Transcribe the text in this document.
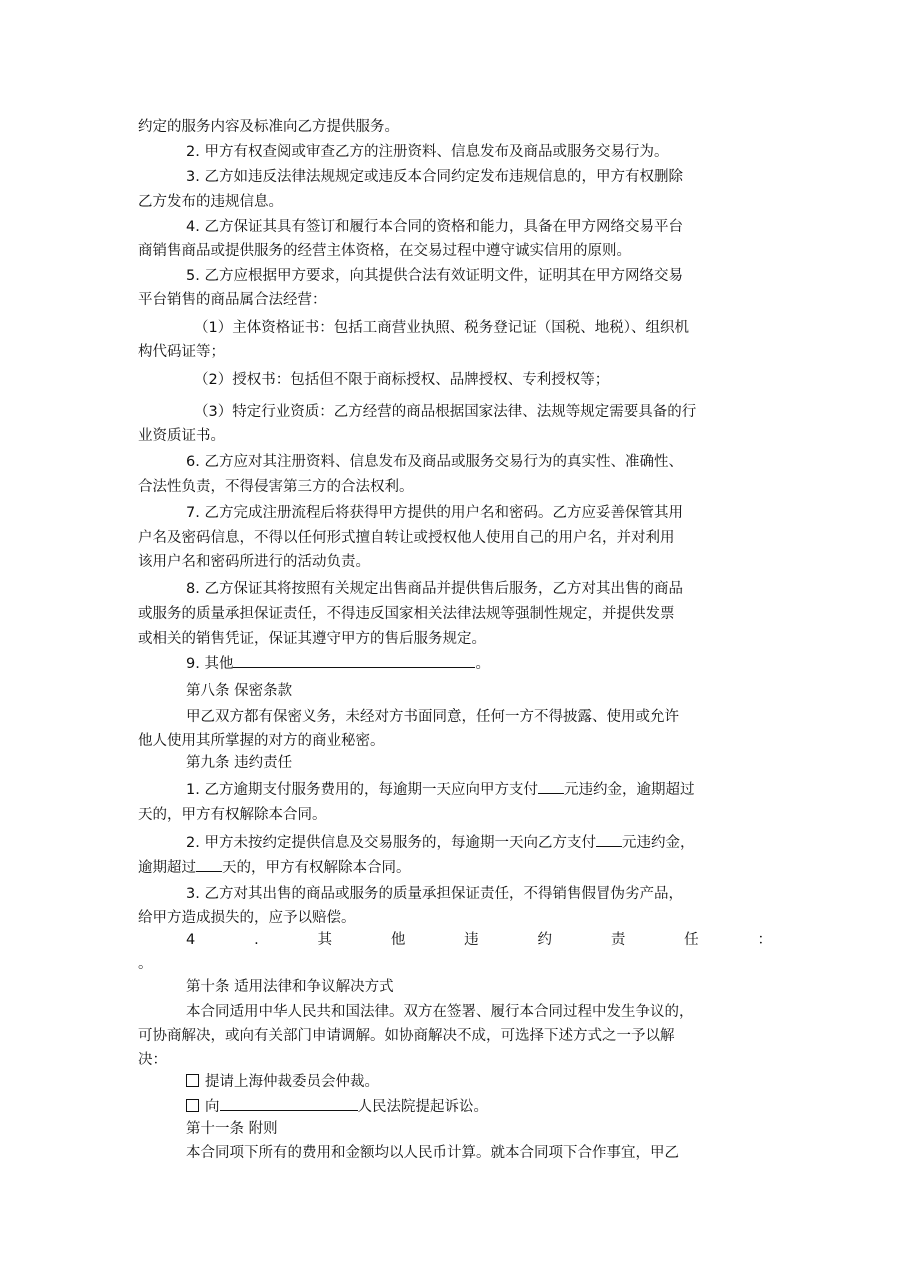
约定的服务内容及标准向乙方提供服务。
2. 甲方有权查阅或审查乙方的注册资料、信息发布及商品或服务交易行为。
3. 乙方如违反法律法规规定或违反本合同约定发布违规信息的，甲方有权删除
乙方发布的违规信息。
4. 乙方保证其具有签订和履行本合同的资格和能力，具备在甲方网络交易平台
商销售商品或提供服务的经营主体资格，在交易过程中遵守诚实信用的原则。
5. 乙方应根据甲方要求，向其提供合法有效证明文件，证明其在甲方网络交易
平台销售的商品属合法经营：
（1）主体资格证书：包括工商营业执照、税务登记证（国税、地税）、组织机
构代码证等；
（2）授权书：包括但不限于商标授权、品牌授权、专利授权等；
（3）特定行业资质：乙方经营的商品根据国家法律、法规等规定需要具备的行
业资质证书。
6. 乙方应对其注册资料、信息发布及商品或服务交易行为的真实性、准确性、
合法性负责，不得侵害第三方的合法权利。
7. 乙方完成注册流程后将获得甲方提供的用户名和密码。乙方应妥善保管其用
户名及密码信息，不得以任何形式擅自转让或授权他人使用自己的用户名，并对利用
该用户名和密码所进行的活动负责。
8. 乙方保证其将按照有关规定出售商品并提供售后服务，乙方对其出售的商品
或服务的质量承担保证责任，不得违反国家相关法律法规等强制性规定，并提供发票
或相关的销售凭证，保证其遵守甲方的售后服务规定。
9. 其他	。
第八条 保密条款
甲乙双方都有保密义务，未经对方书面同意，任何一方不得披露、使用或允许
他人使用其所掌握的对方的商业秘密。
第九条 违约责任
1. 乙方逾期支付服务费用的，每逾期一天应向甲方支付 元违约金，逾期超过
天的，甲方有权解除本合同。
2. 甲方未按约定提供信息及交易服务的，每逾期一天向乙方支付 元违约金，
逾期超过 天的，甲方有权解除本合同。
3. 乙方对其出售的商品或服务的质量承担保证责任，不得销售假冒伪劣产品，
给甲方造成损失的，应予以赔偿。
4	.	其	他	违	约	责	任	：
。
第十条 适用法律和争议解决方式
本合同适用中华人民共和国法律。双方在签署、履行本合同过程中发生争议的，
可协商解决，或向有关部门申请调解。如协商解决不成，可选择下述方式之一予以解
决：
提请上海仲裁委员会仲裁。
向	人民法院提起诉讼。
第十一条 附则
本合同项下所有的费用和金额均以人民币计算。就本合同项下合作事宜，甲乙
